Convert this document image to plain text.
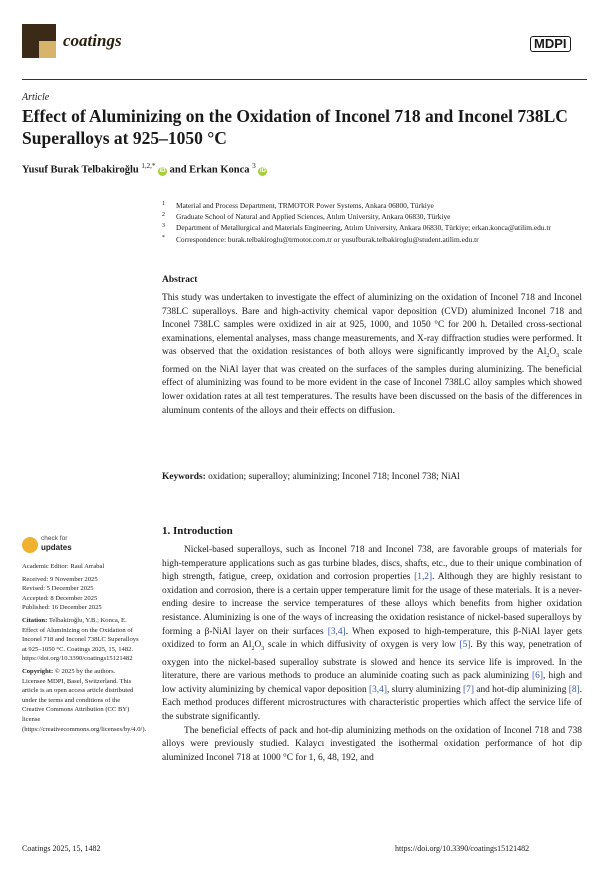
coatings	MDPI
Article
Effect of Aluminizing on the Oxidation of Inconel 718 and Inconel 738LC Superalloys at 925–1050 °C
Yusuf Burak Telbakiroğlu $^{1,2,*}$ iD and Erkan Konca $^3$ iD
1 Material and Process Department, TRMOTOR Power Systems, Ankara 06800, Türkiye
2 Graduate School of Natural and Applied Sciences, Atılım University, Ankara 06830, Türkiye
3 Department of Metallurgical and Materials Engineering, Atılım University, Ankara 06830, Türkiye; erkan.konca@atilim.edu.tr
* Correspondence: burak.telbakiroglu@trmotor.com.tr or yusufburak.telbakiroglu@student.atilim.edu.tr
Abstract
This study was undertaken to investigate the effect of aluminizing on the oxidation of Inconel 718 and Inconel 738LC superalloys. Bare and high-activity chemical vapor deposition (CVD) aluminized Inconel 718 and Inconel 738LC samples were oxidized in air at 925, 1000, and 1050 °C for 200 h. Detailed cross-sectional examinations, elemental analyses, mass change measurements, and X-ray diffraction studies were performed. It was observed that the oxidation resistances of both alloys were significantly improved by the $Al_2O_3$ scale formed on the NiAl layer that was created on the surfaces of the samples during aluminizing. The beneficial effect of aluminizing was found to be more evident in the case of Inconel 738LC alloy samples which showed lower oxidation rates at all test temperatures. The results have been discussed on the basis of the differences in aluminum contents of the alloys and their effects on diffusion.
Keywords: oxidation; superalloy; aluminizing; Inconel 718; Inconel 738; NiAl
check for
updates

Academic Editor: Raul Arrabal

Received: 9 November 2025

Revised: 5 December 2025

Accepted: 8 December 2025

Published: 16 December 2025

Citation: Telbakiroğlu, Y.B.; Konca, E. Effect of Aluminizing on the Oxidation of Inconel 718 and Inconel 738LC Superalloys at 925–1050 °C. Coatings 2025, 15, 1482. https://doi.org/10.3390/coatings15121482

Copyright: © 2025 by the authors. Licensee MDPI, Basel, Switzerland. This article is an open access article distributed under the terms and conditions of the Creative Commons Attribution (CC BY) license (https://creativecommons.org/licenses/by/4.0/).

1. Introduction

Nickel-based superalloys, such as Inconel 718 and Inconel 738, are favorable groups of materials for high-temperature applications such as gas turbine blades, discs, shafts, etc., due to their unique combination of high strength, fatigue, creep, oxidation and corrosion properties [1,2]. Although they are highly resistant to oxidation and corrosion, there is a certain upper temperature limit for the usage of these materials. It is a never-ending desire to increase the service temperatures of these alloys which benefits from higher oxidation resistance. Aluminizing is one of the ways of increasing the oxidation resistance of nickel-based superalloys by forming a β-NiAl layer on their surfaces [3,4]. When exposed to high-temperature, this β-NiAl layer gets oxidized to form an $Al_2O_3$ scale in which diffusivity of oxygen is very low [5]. By this way, penetration of oxygen into the nickel-based superalloy substrate is slowed and hence its service life is improved. In the literature, there are various methods to produce an aluminide coating such as pack aluminizing [6], high and low activity aluminizing by chemical vapor deposition [3,4], slurry aluminizing [7] and hot-dip aluminizing [8]. Each method produces different microstructures with characteristic properties which affect the service life of the substrate significantly.

The beneficial effects of pack and hot-dip aluminizing methods on the oxidation of Inconel 718 and 738 alloys were previously studied. Kalaycı investigated the isothermal oxidation performance of hot dip aluminized Inconel 718 at 1000 °C for 1, 6, 48, 192, and

Coatings 2025, 15, 1482	https://doi.org/10.3390/coatings15121482
